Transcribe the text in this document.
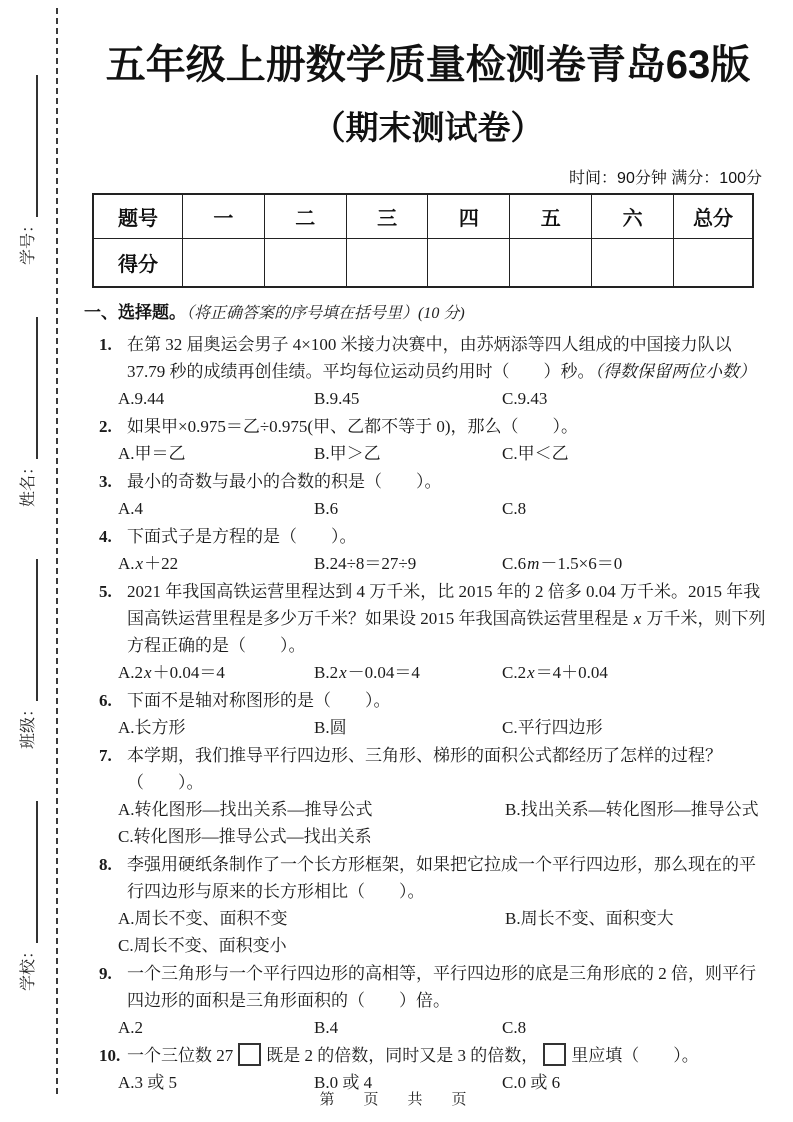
学校：
班级：
姓名：
学号：
五年级上册数学质量检测卷青岛63版
（期末测试卷）
时间：90分钟 满分：100分
题号	一	二	三	四	五	六	总分
得分							
一、选择题。（将正确答案的序号填在括号里）(10 分)
1. 在第 32 届奥运会男子 4×100 米接力决赛中，由苏炳添等四人组成的中国接力队以 37.79 秒的成绩再创佳绩。平均每位运动员约用时（　　）秒。（得数保留两位小数）

A.9.44	B.9.45	C.9.43
2. 如果甲×0.975＝乙÷0.975(甲、乙都不等于 0)，那么（　　）。

A.甲＝乙	B.甲＞乙	C.甲＜乙
3. 最小的奇数与最小的合数的积是（　　）。

A.4	B.6	C.8
4. 下面式子是方程的是（　　）。

A.x＋22	B.24÷8＝27÷9	C.6m－1.5×6＝0
5. 2021 年我国高铁运营里程达到 4 万千米，比 2015 年的 2 倍多 0.04 万千米。2015 年我国高铁运营里程是多少万千米？如果设 2015 年我国高铁运营里程是 x 万千米，则下列方程正确的是（　　）。

A.2x＋0.04＝4	B.2x－0.04＝4	C.2x＝4＋0.04
6. 下面不是轴对称图形的是（　　）。

A.长方形	B.圆	C.平行四边形
7. 本学期，我们推导平行四边形、三角形、梯形的面积公式都经历了怎样的过程？（　　）。

A.转化图形—找出关系—推导公式	B.找出关系—转化图形—推导公式
C.转化图形—推导公式—找出关系
8. 李强用硬纸条制作了一个长方形框架，如果把它拉成一个平行四边形，那么现在的平行四边形与原来的长方形相比（　　）。

A.周长不变、面积不变	B.周长不变、面积变大
C.周长不变、面积变小
9. 一个三角形与一个平行四边形的高相等，平行四边形的底是三角形底的 2 倍，则平行四边形的面积是三角形面积的（　　）倍。

A.2	B.4	C.8
10. 一个三位数 27 既是 2 的倍数，同时又是 3 的倍数， 里应填（　　）。

A.3 或 5	B.0 或 4	C.0 或 6
第　页　共　页
